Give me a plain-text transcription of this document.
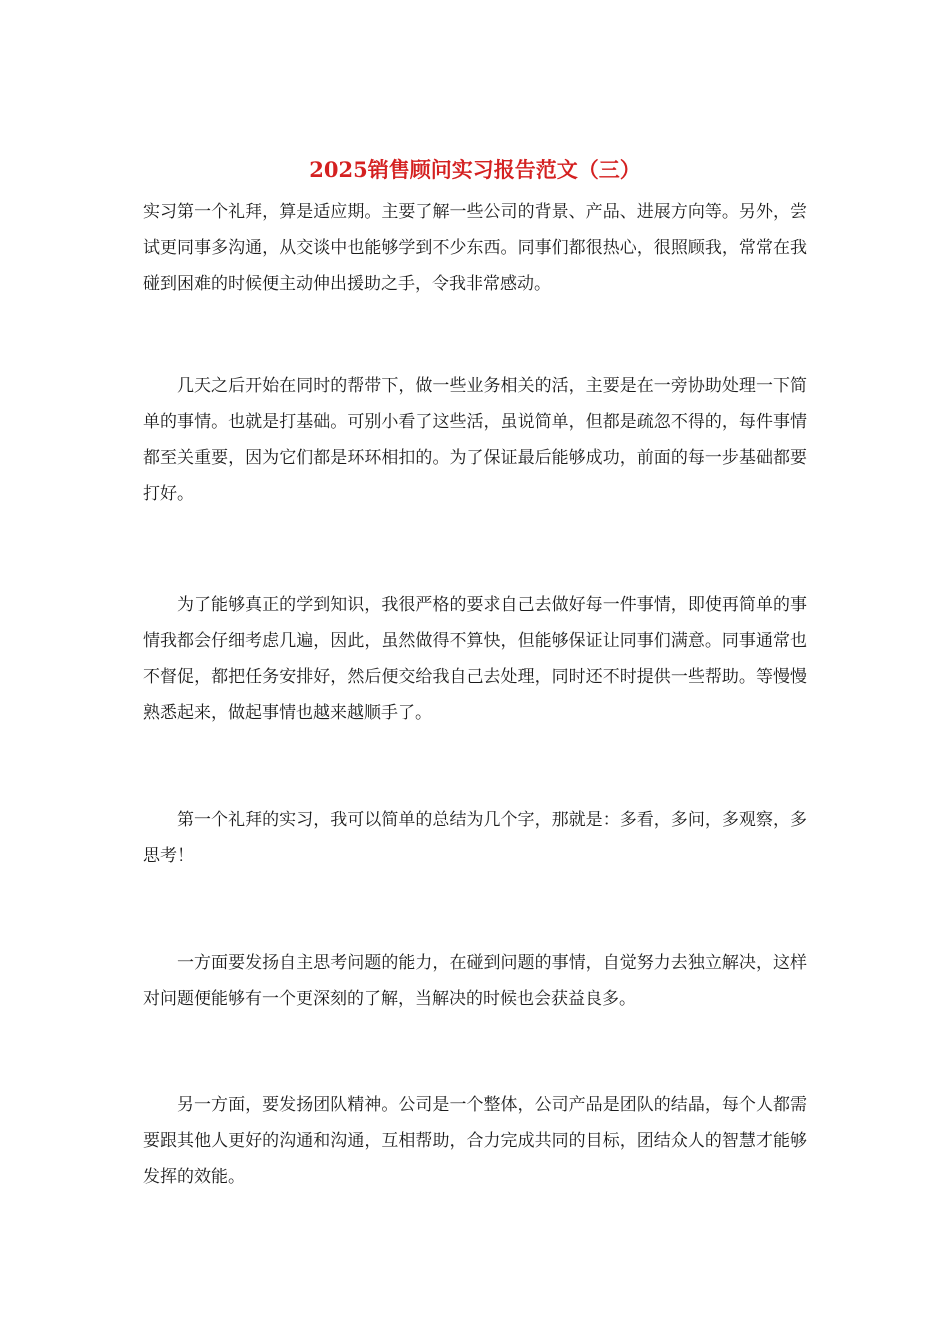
2025销售顾问实习报告范文（三）

实习第一个礼拜，算是适应期。主要了解一些公司的背景、产品、进展方向等。另外，尝试更同事多沟通，从交谈中也能够学到不少东西。同事们都很热心，很照顾我，常常在我碰到困难的时候便主动伸出援助之手，令我非常感动。

几天之后开始在同时的帮带下，做一些业务相关的活，主要是在一旁协助处理一下简单的事情。也就是打基础。可别小看了这些活，虽说简单，但都是疏忽不得的，每件事情都至关重要，因为它们都是环环相扣的。为了保证最后能够成功，前面的每一步基础都要打好。

为了能够真正的学到知识，我很严格的要求自己去做好每一件事情，即使再简单的事情我都会仔细考虑几遍，因此，虽然做得不算快，但能够保证让同事们满意。同事通常也不督促，都把任务安排好，然后便交给我自己去处理，同时还不时提供一些帮助。等慢慢熟悉起来，做起事情也越来越顺手了。

第一个礼拜的实习，我可以简单的总结为几个字，那就是：多看，多问，多观察，多思考！

一方面要发扬自主思考问题的能力，在碰到问题的事情，自觉努力去独立解决，这样对问题便能够有一个更深刻的了解，当解决的时候也会获益良多。

另一方面，要发扬团队精神。公司是一个整体，公司产品是团队的结晶，每个人都需要跟其他人更好的沟通和沟通，互相帮助，合力完成共同的目标，团结众人的智慧才能够发挥的效能。
